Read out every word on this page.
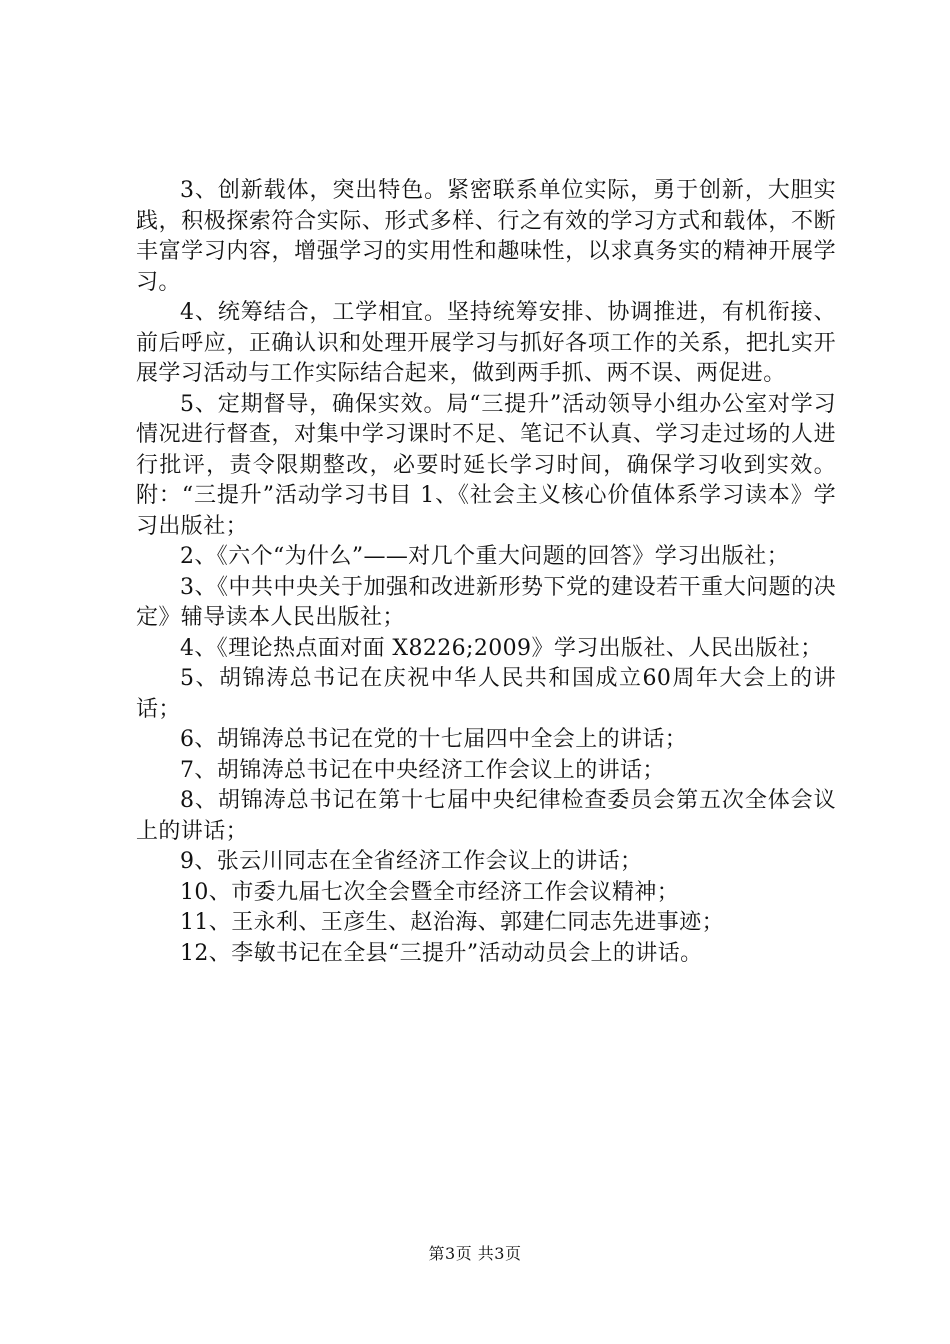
3、创新载体，突出特色。紧密联系单位实际，勇于创新，大胆实践，积极探索符合实际、形式多样、行之有效的学习方式和载体，不断丰富学习内容，增强学习的实用性和趣味性，以求真务实的精神开展学习。

4、统筹结合，工学相宜。坚持统筹安排、协调推进，有机衔接、前后呼应，正确认识和处理开展学习与抓好各项工作的关系，把扎实开展学习活动与工作实际结合起来，做到两手抓、两不误、两促进。

5、定期督导，确保实效。局“三提升”活动领导小组办公室对学习情况进行督查，对集中学习课时不足、笔记不认真、学习走过场的人进行批评，责令限期整改，必要时延长学习时间，确保学习收到实效。附：“三提升”活动学习书目 1、《社会主义核心价值体系学习读本》学习出版社；

2、《六个“为什么”——对几个重大问题的回答》学习出版社；

3、《中共中央关于加强和改进新形势下党的建设若干重大问题的决定》辅导读本人民出版社；

4、《理论热点面对面 X8226;2009》学习出版社、人民出版社；

5、胡锦涛总书记在庆祝中华人民共和国成立60周年大会上的讲话；

6、胡锦涛总书记在党的十七届四中全会上的讲话；

7、胡锦涛总书记在中央经济工作会议上的讲话；

8、胡锦涛总书记在第十七届中央纪律检查委员会第五次全体会议上的讲话；

9、张云川同志在全省经济工作会议上的讲话；

10、市委九届七次全会暨全市经济工作会议精神；

11、王永利、王彦生、赵治海、郭建仁同志先进事迹；

12、李敏书记在全县“三提升”活动动员会上的讲话。

第3页 共3页
